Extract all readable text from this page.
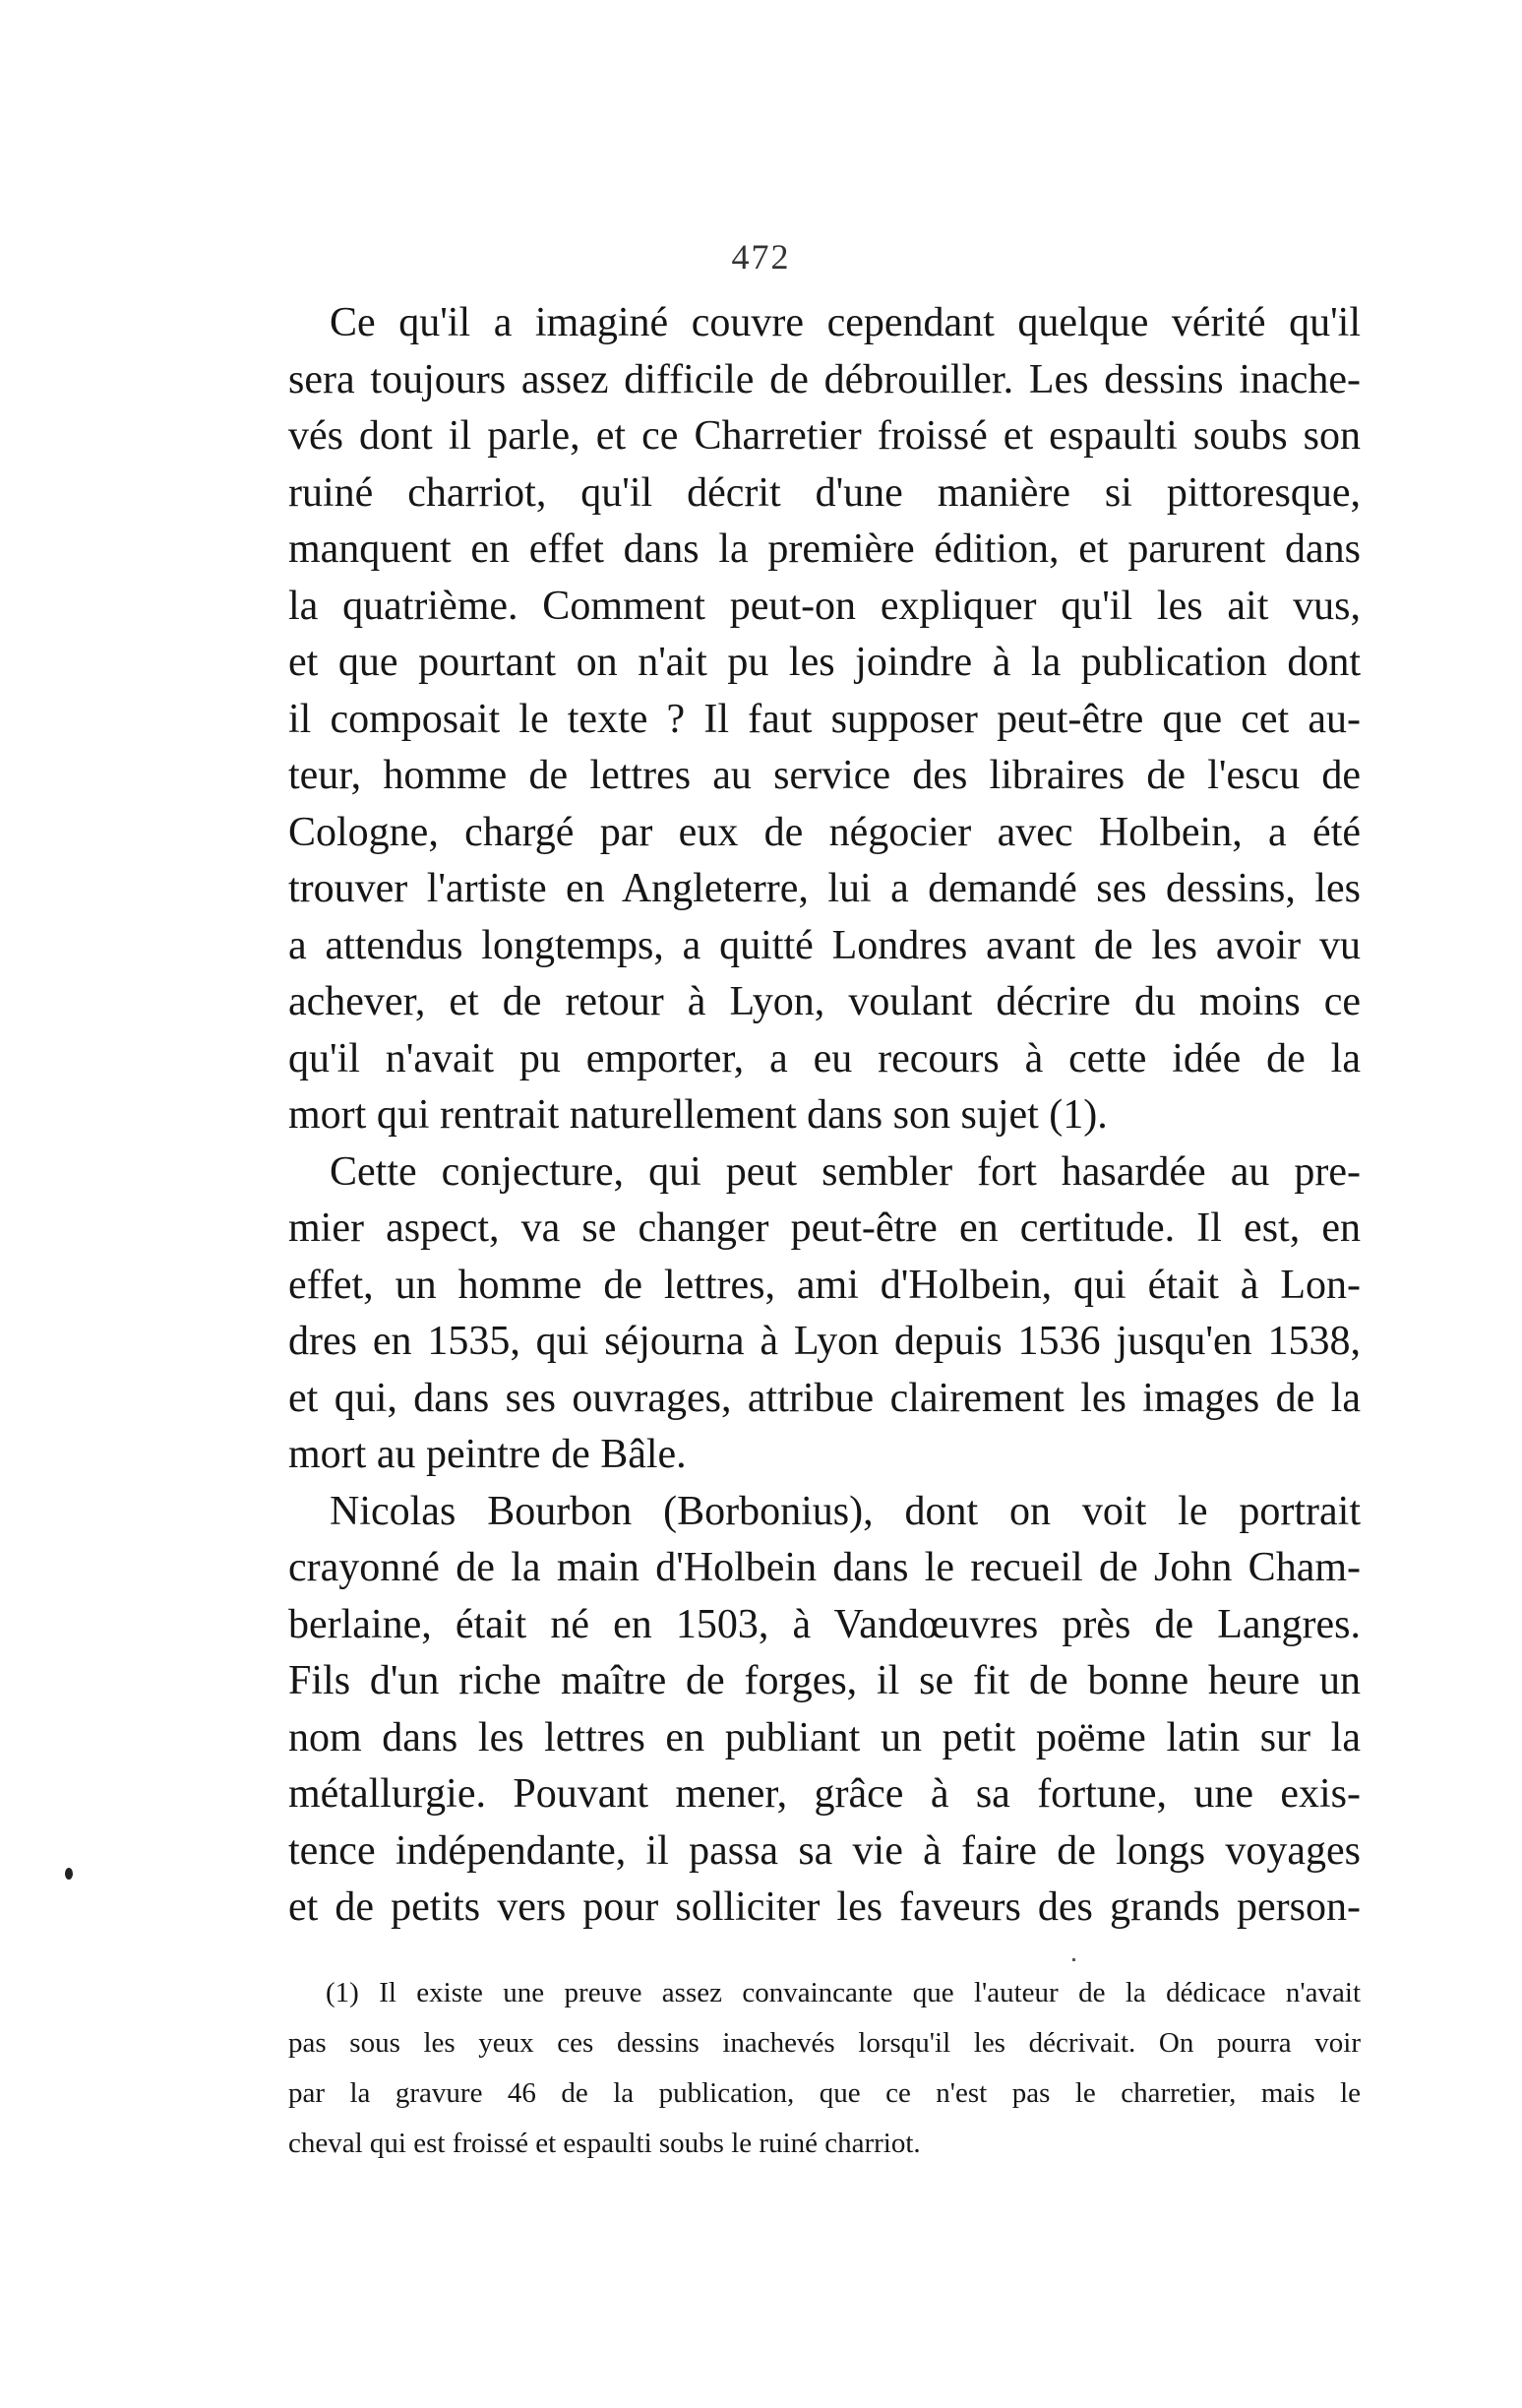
472
Ce qu'il a imaginé couvre cependant quelque vérité qu'il
sera toujours assez difficile de débrouiller. Les dessins inache-
vés dont il parle, et ce Charretier froissé et espaulti soubs son
ruiné charriot, qu'il décrit d'une manière si pittoresque,
manquent en effet dans la première édition, et parurent dans
la quatrième. Comment peut-on expliquer qu'il les ait vus,
et que pourtant on n'ait pu les joindre à la publication dont
il composait le texte ? Il faut supposer peut-être que cet au-
teur, homme de lettres au service des libraires de l'escu de
Cologne, chargé par eux de négocier avec Holbein, a été
trouver l'artiste en Angleterre, lui a demandé ses dessins, les
a attendus longtemps, a quitté Londres avant de les avoir vu
achever, et de retour à Lyon, voulant décrire du moins ce
qu'il n'avait pu emporter, a eu recours à cette idée de la
mort qui rentrait naturellement dans son sujet (1).
Cette conjecture, qui peut sembler fort hasardée au pre-
mier aspect, va se changer peut-être en certitude. Il est, en
effet, un homme de lettres, ami d'Holbein, qui était à Lon-
dres en 1535, qui séjourna à Lyon depuis 1536 jusqu'en 1538,
et qui, dans ses ouvrages, attribue clairement les images de la
mort au peintre de Bâle.
Nicolas Bourbon (Borbonius), dont on voit le portrait
crayonné de la main d'Holbein dans le recueil de John Cham-
berlaine, était né en 1503, à Vandœuvres près de Langres.
Fils d'un riche maître de forges, il se fit de bonne heure un
nom dans les lettres en publiant un petit poëme latin sur la
métallurgie. Pouvant mener, grâce à sa fortune, une exis-
tence indépendante, il passa sa vie à faire de longs voyages
et de petits vers pour solliciter les faveurs des grands person-
(1) Il existe une preuve assez convaincante que l'auteur de la dédicace n'avait
pas sous les yeux ces dessins inachevés lorsqu'il les décrivait. On pourra voir
par la gravure 46 de la publication, que ce n'est pas le charretier, mais le
cheval qui est froissé et espaulti soubs le ruiné charriot.
